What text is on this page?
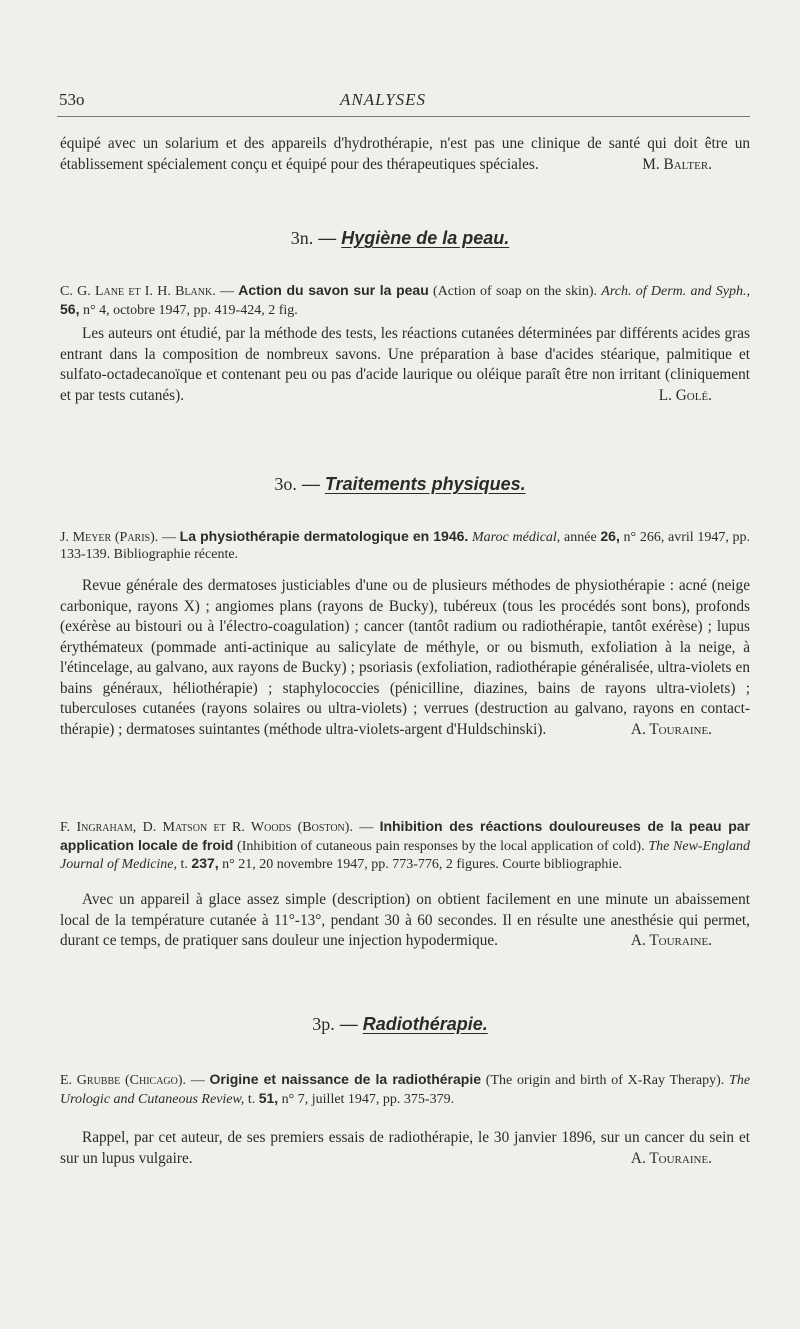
53o	ANALYSES
équipé avec un solarium et des appareils d'hydrothérapie, n'est pas une clinique de santé qui doit être un établissement spécialement conçu et équipé pour des thérapeutiques spéciales.	M. Balter.
3n. — Hygiène de la peau.
C. G. Lane et I. H. Blank. — Action du savon sur la peau (Action of soap on the skin). Arch. of Derm. and Syph., 56, n° 4, octobre 1947, pp. 419-424, 2 fig.
Les auteurs ont étudié, par la méthode des tests, les réactions cutanées déterminées par différents acides gras entrant dans la composition de nombreux savons. Une préparation à base d'acides stéarique, palmitique et sulfato-octadecanoïque et contenant peu ou pas d'acide laurique ou oléique paraît être non irritant (cliniquement et par tests cutanés).	L. Golé.
3o. — Traitements physiques.
J. Meyer (Paris). — La physiothérapie dermatologique en 1946. Maroc médical, année 26, n° 266, avril 1947, pp. 133-139. Bibliographie récente.
Revue générale des dermatoses justiciables d'une ou de plusieurs méthodes de physiothérapie : acné (neige carbonique, rayons X) ; angiomes plans (rayons de Bucky), tubéreux (tous les procédés sont bons), profonds (exérèse au bistouri ou à l'électro-coagulation) ; cancer (tantôt radium ou radiothérapie, tantôt exérèse) ; lupus érythémateux (pommade anti-actinique au salicylate de méthyle, or ou bismuth, exfoliation à la neige, à l'étincelage, au galvano, aux rayons de Bucky) ; psoriasis (exfoliation, radiothérapie généralisée, ultra-violets en bains généraux, héliothérapie) ; staphylococcies (pénicilline, diazines, bains de rayons ultra-violets) ; tuberculoses cutanées (rayons solaires ou ultra-violets) ; verrues (destruction au galvano, rayons en contact-thérapie) ; dermatoses suintantes (méthode ultra-violets-argent d'Huldschinski).	A. Touraine.
F. Ingraham, D. Matson et R. Woods (Boston). — Inhibition des réactions douloureuses de la peau par application locale de froid (Inhibition of cutaneous pain responses by the local application of cold). The New-England Journal of Medicine, t. 237, n° 21, 20 novembre 1947, pp. 773-776, 2 figures. Courte bibliographie.
Avec un appareil à glace assez simple (description) on obtient facilement en une minute un abaissement local de la température cutanée à 11°-13°, pendant 30 à 60 secondes. Il en résulte une anesthésie qui permet, durant ce temps, de pratiquer sans douleur une injection hypodermique.	A. Touraine.
3p. — Radiothérapie.
E. Grubbe (Chicago). — Origine et naissance de la radiothérapie (The origin and birth of X-Ray Therapy). The Urologic and Cutaneous Review, t. 51, n° 7, juillet 1947, pp. 375-379.
Rappel, par cet auteur, de ses premiers essais de radiothérapie, le 30 janvier 1896, sur un cancer du sein et sur un lupus vulgaire.	A. Touraine.
